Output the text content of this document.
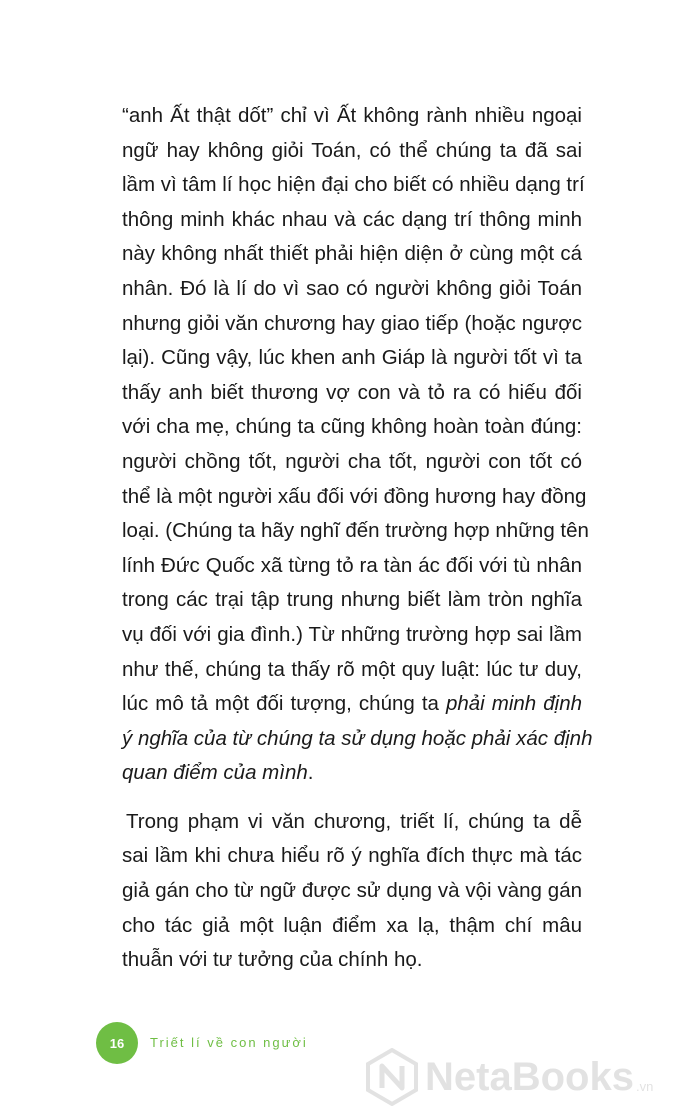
“anh Ất thật dốt” chỉ vì Ất không rành nhiều ngoại
ngữ hay không giỏi Toán, có thể chúng ta đã sai
lầm vì tâm lí học hiện đại cho biết có nhiều dạng trí
thông minh khác nhau và các dạng trí thông minh
này không nhất thiết phải hiện diện ở cùng một cá
nhân. Đó là lí do vì sao có người không giỏi Toán
nhưng giỏi văn chương hay giao tiếp (hoặc ngược
lại). Cũng vậy, lúc khen anh Giáp là người tốt vì ta
thấy anh biết thương vợ con và tỏ ra có hiếu đối
với cha mẹ, chúng ta cũng không hoàn toàn đúng:
người chồng tốt, người cha tốt, người con tốt có
thể là một người xấu đối với đồng hương hay đồng
loại. (Chúng ta hãy nghĩ đến trường hợp những tên
lính Đức Quốc xã từng tỏ ra tàn ác đối với tù nhân
trong các trại tập trung nhưng biết làm tròn nghĩa
vụ đối với gia đình.) Từ những trường hợp sai lầm
như thế, chúng ta thấy rõ một quy luật: lúc tư duy,
lúc mô tả một đối tượng, chúng ta phải minh định
ý nghĩa của từ chúng ta sử dụng hoặc phải xác định
quan điểm của mình.
Trong phạm vi văn chương, triết lí, chúng ta dễ
sai lầm khi chưa hiểu rõ ý nghĩa đích thực mà tác
giả gán cho từ ngữ được sử dụng và vội vàng gán
cho tác giả một luận điểm xa lạ, thậm chí mâu
thuẫn với tư tưởng của chính họ.
16	Triết lí về con người
NetaBooks .vn
